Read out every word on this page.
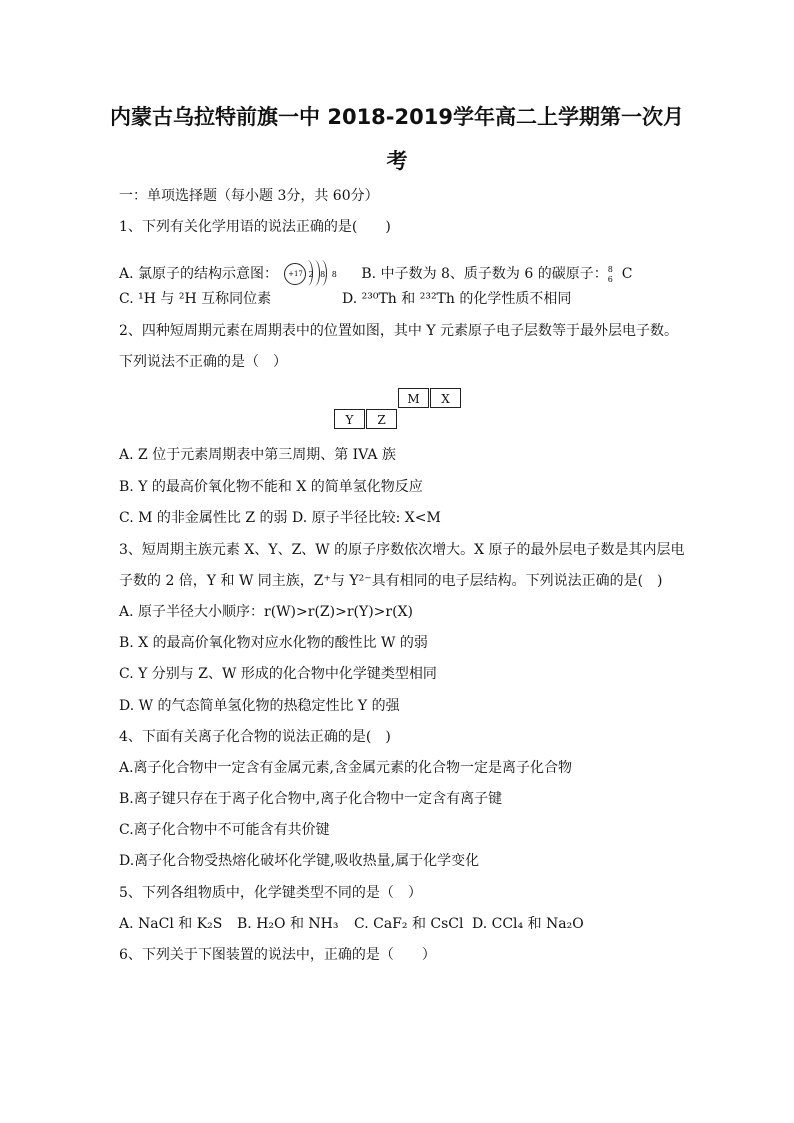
内蒙古乌拉特前旗一中 2018-2019学年高二上学期第一次月
考
一：单项选择题（每小题 3分，共 60分）
1、下列有关化学用语的说法正确的是(　　)
A. 氯原子的结构示意图：	+17 2 8 8 B. 中子数为 8、质子数为 6 的碳原子： 8
6 C
C. ¹H 与 ²H 互称同位素	D. ²³⁰Th 和 ²³²Th 的化学性质不相同
2、四种短周期元素在周期表中的位置如图，其中 Y 元素原子电子层数等于最外层电子数。
下列说法不正确的是（　）
M	X
Y	Z
A. Z 位于元素周期表中第三周期、第 IVA 族
B. Y 的最高价氧化物不能和 X 的简单氢化物反应
C. M 的非金属性比 Z 的弱 D. 原子半径比较: X<M
3、短周期主族元素 X、Y、Z、W 的原子序数依次增大。X 原子的最外层电子数是其内层电
子数的 2 倍，Y 和 W 同主族，Z⁺与 Y²⁻具有相同的电子层结构。下列说法正确的是(　)
A. 原子半径大小顺序：r(W)>r(Z)>r(Y)>r(X)
B. X 的最高价氧化物对应水化物的酸性比 W 的弱
C. Y 分别与 Z、W 形成的化合物中化学键类型相同
D. W 的气态简单氢化物的热稳定性比 Y 的强
4、下面有关离子化合物的说法正确的是(　)
A.离子化合物中一定含有金属元素,含金属元素的化合物一定是离子化合物
B.离子键只存在于离子化合物中,离子化合物中一定含有离子键
C.离子化合物中不可能含有共价键
D.离子化合物受热熔化破坏化学键,吸收热量,属于化学变化
5、下列各组物质中，化学键类型不同的是（　）
A. NaCl 和 K₂S B. H₂O 和 NH₃ C. CaF₂ 和 CsCl D. CCl₄ 和 Na₂O
6、下列关于下图装置的说法中，正确的是（　　）
